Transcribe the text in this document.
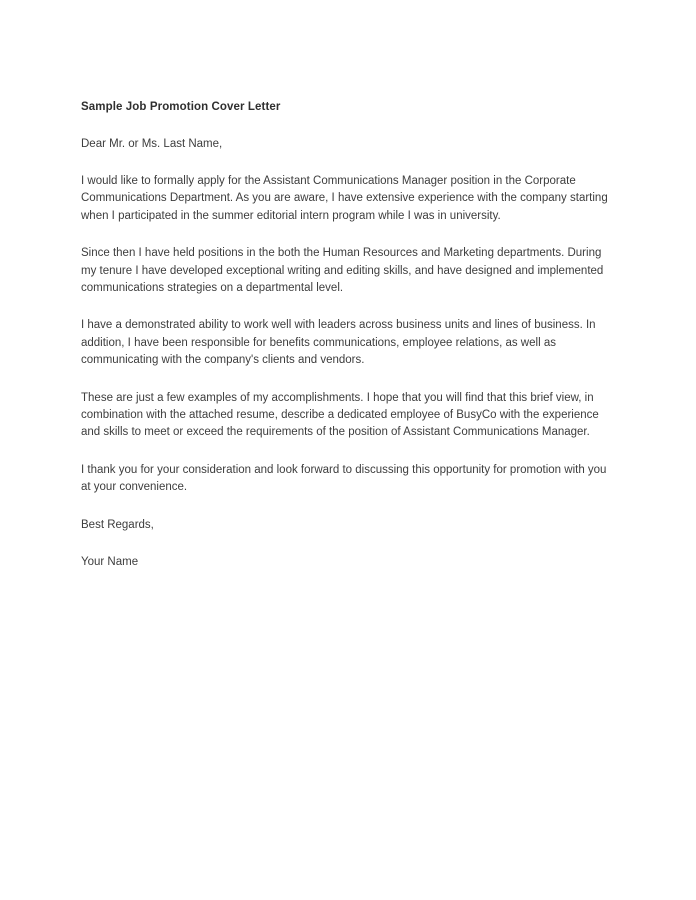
Sample Job Promotion Cover Letter

Dear Mr. or Ms. Last Name,

I would like to formally apply for the Assistant Communications Manager position in the Corporate Communications Department. As you are aware, I have extensive experience with the company starting when I participated in the summer editorial intern program while I was in university.

Since then I have held positions in the both the Human Resources and Marketing departments. During my tenure I have developed exceptional writing and editing skills, and have designed and implemented communications strategies on a departmental level.

I have a demonstrated ability to work well with leaders across business units and lines of business. In addition, I have been responsible for benefits communications, employee relations, as well as communicating with the company's clients and vendors.

These are just a few examples of my accomplishments. I hope that you will find that this brief view, in combination with the attached resume, describe a dedicated employee of BusyCo with the experience and skills to meet or exceed the requirements of the position of Assistant Communications Manager.

I thank you for your consideration and look forward to discussing this opportunity for promotion with you at your convenience.

Best Regards,

Your Name
